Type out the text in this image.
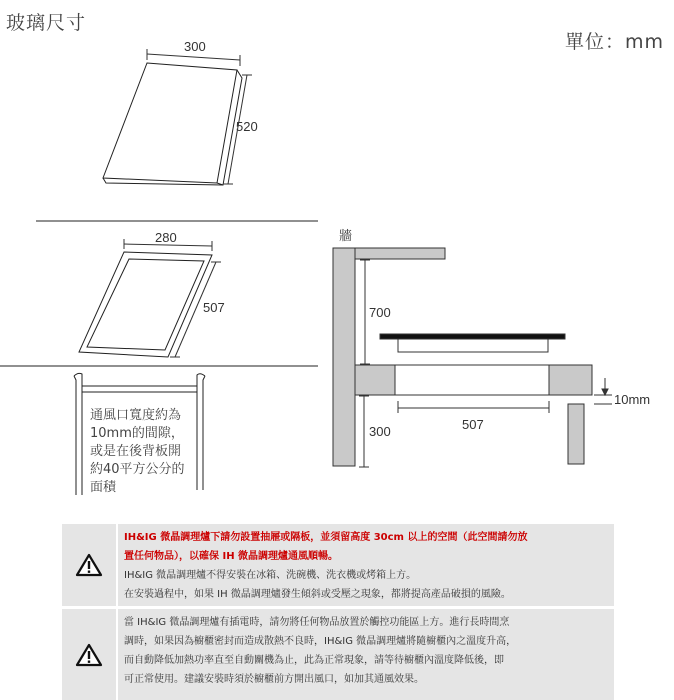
玻璃尺寸
單位：mm
300
520
280
507
通風口寬度約為
10mm的間隙，
或是在後背板開
約40平方公分的
面積
牆
700
300	507
10mm

IH&IG 微晶調理爐下請勿設置抽屜或隔板，並須留高度 30cm 以上的空間（此空間請勿放

置任何物品），以確保 IH 微晶調理爐通風順暢。

IH&IG 微晶調理爐不得安裝在冰箱、洗碗機、洗衣機或烤箱上方。

在安裝過程中，如果 IH 微晶調理爐發生傾斜或受壓之現象，都將提高產品破損的風險。

當 IH&IG 微晶調理爐有插電時，請勿將任何物品放置於觸控功能區上方。進行長時間烹

調時，如果因為櫥櫃密封而造成散熱不良時，IH&IG 微晶調理爐將隨櫥櫃內之溫度升高，

而自動降低加熱功率直至自動關機為止，此為正常現象，請等待櫥櫃內溫度降低後，即

可正常使用。建議安裝時須於櫥櫃前方開出風口，如加其通風效果。
